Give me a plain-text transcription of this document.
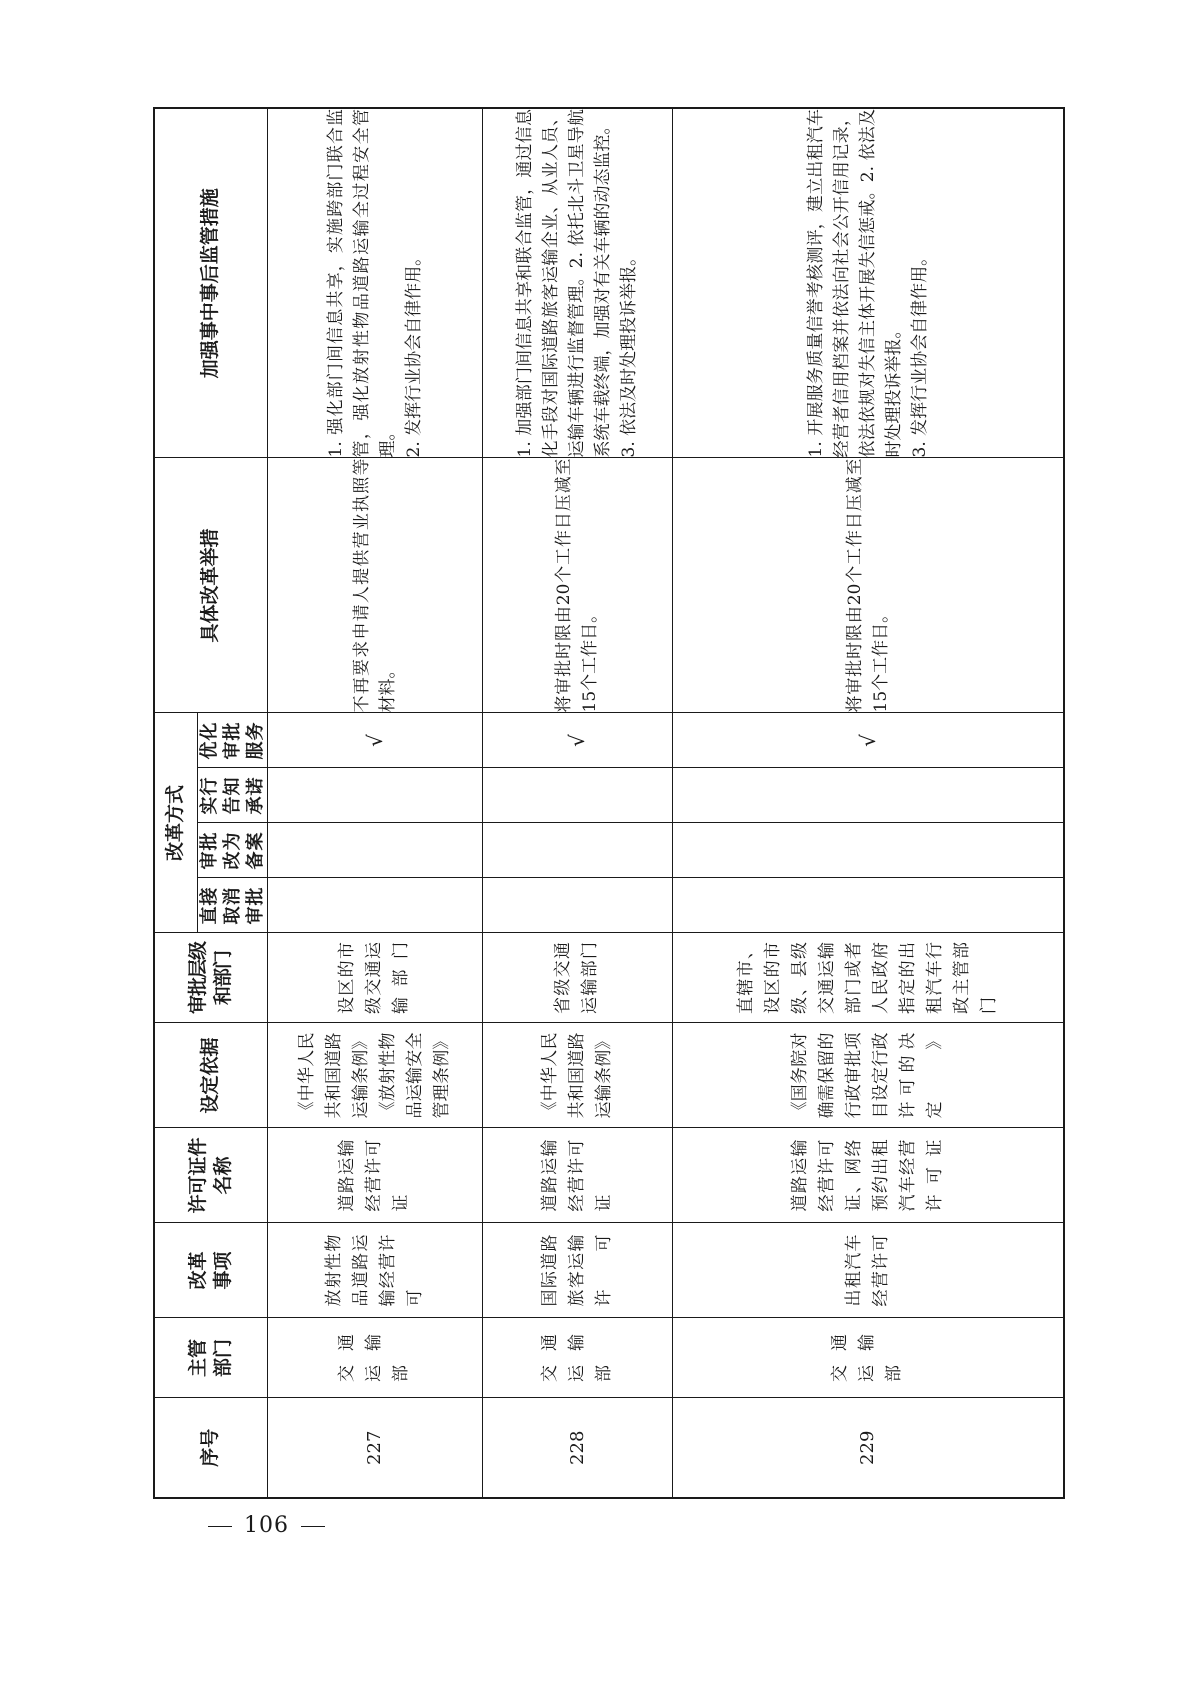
序号	主管部门	改革事项	许可证件名称	设定依据	审批层级和部门	改革方式				具体改革举措	加强事中事后监管措施
						直接取消审批	审批改为备案	实行告知承诺	优化审批服务		
227	交通运输部	放射性物品道路运输经营许可	道路运输经营许可证	《中华人民共和国道路运输条例》《放射性物品运输安全管理条例》	设区的市级交通运输部门				√	不再要求申请人提供营业执照等材料。	1. 强化部门间信息共享，实施跨部门联合监管，强化放射性物品道路运输全过程安全管理。 2. 发挥行业协会自律作用。

228	交通运输部	国际道路旅客运输许可	道路运输经营许可证	《中华人民共和国道路运输条例》	省级交通运输部门				√	将审批时限由20个工作日压减至15个工作日。	1. 加强部门间信息共享和联合监管，通过信息化手段对国际道路旅客运输企业、从业人员、运输车辆进行监督管理。2. 依托北斗卫星导航系统车载终端，加强对有关车辆的动态监控。 3. 依法及时处理投诉举报。

229	交通运输部	出租汽车经营许可	道路运输经营许可证、网络预约出租汽车经营许可证	《国务院对确需保留的行政审批项目设定行政许可的决定》	直辖市、设区的市级、县级交通运输部门或者人民政府指定的出租汽车行政主管部门				√	将审批时限由20个工作日压减至15个工作日。	1. 开展服务质量信誉考核测评，建立出租汽车经营者信用档案并依法向社会公开信用记录，依法依规对失信主体开展失信惩戒。2. 依法及时处理投诉举报。 3. 发挥行业协会自律作用。

106
